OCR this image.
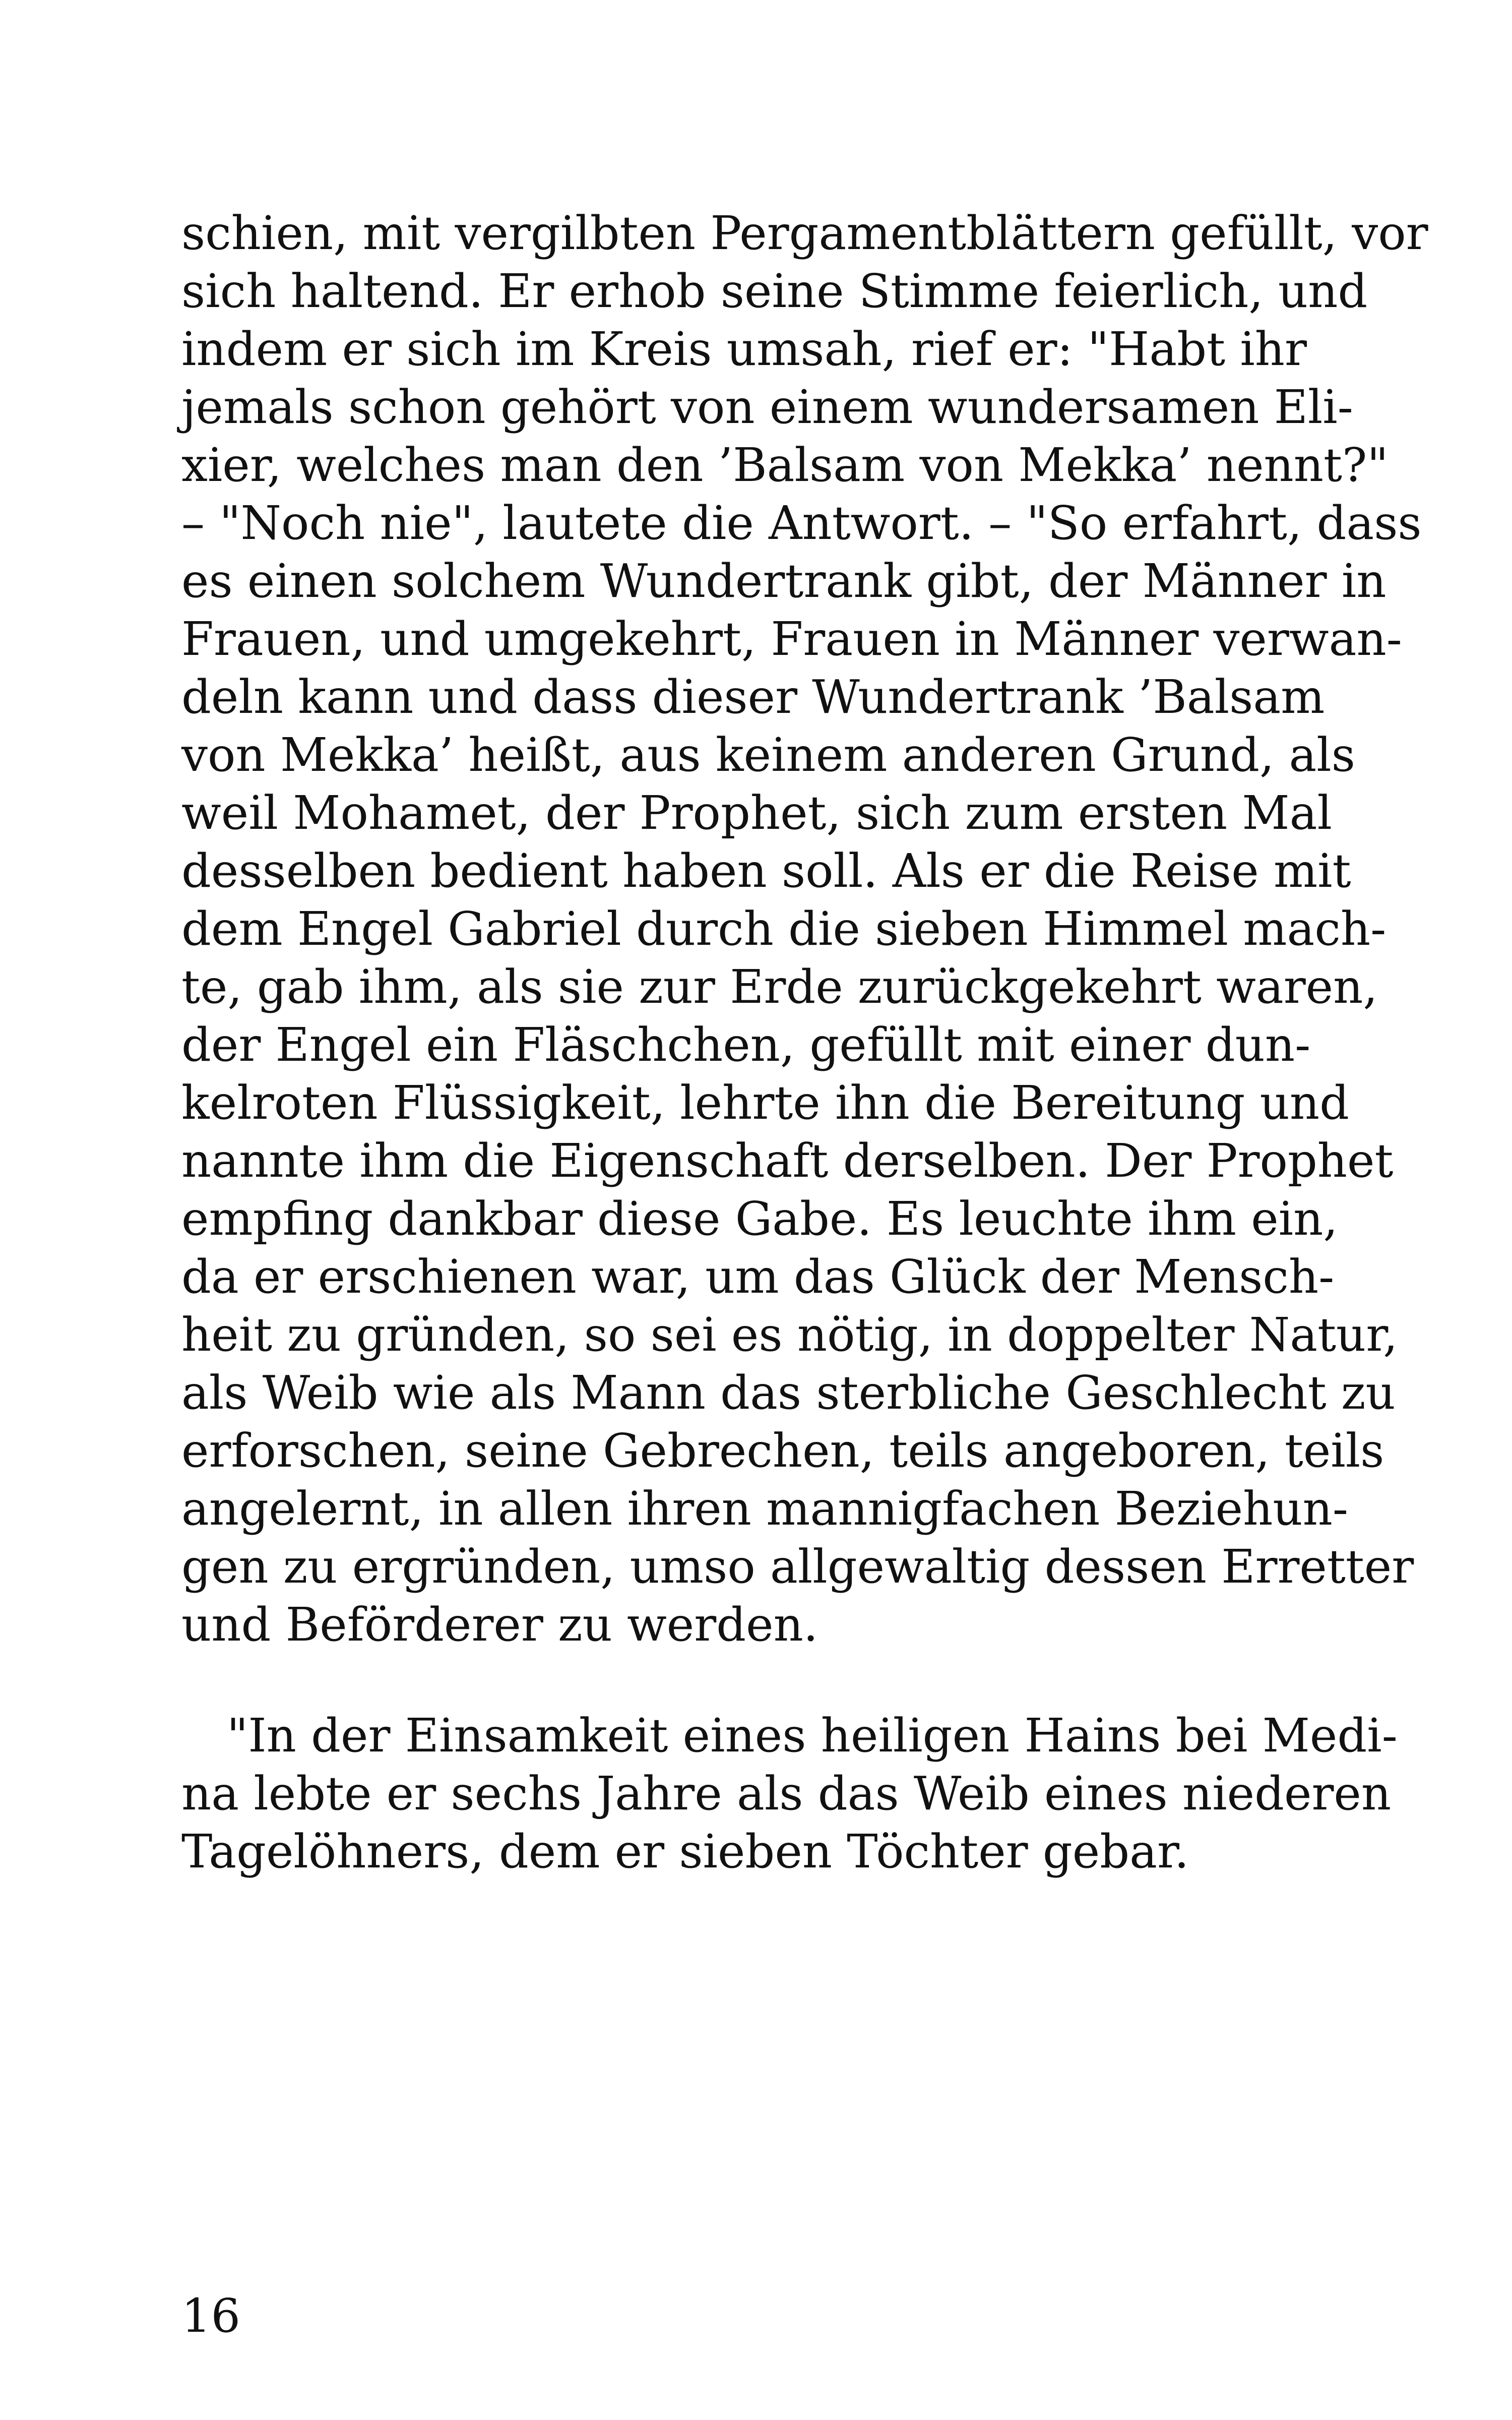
schien, mit vergilbten Pergamentblättern gefüllt, vor
sich haltend. Er erhob seine Stimme feierlich, und
indem er sich im Kreis umsah, rief er: "Habt ihr
jemals schon gehört von einem wundersamen Eli-
xier, welches man den ’Balsam von Mekka’ nennt?"
– "Noch nie", lautete die Antwort. – "So erfahrt, dass
es einen solchem Wundertrank gibt, der Männer in
Frauen, und umgekehrt, Frauen in Männer verwan-
deln kann und dass dieser Wundertrank ’Balsam
von Mekka’ heißt, aus keinem anderen Grund, als
weil Mohamet, der Prophet, sich zum ersten Mal
desselben bedient haben soll. Als er die Reise mit
dem Engel Gabriel durch die sieben Himmel mach-
te, gab ihm, als sie zur Erde zurückgekehrt waren,
der Engel ein Fläschchen, gefüllt mit einer dun-
kelroten Flüssigkeit, lehrte ihn die Bereitung und
nannte ihm die Eigenschaft derselben. Der Prophet
empfing dankbar diese Gabe. Es leuchte ihm ein,
da er erschienen war, um das Glück der Mensch-
heit zu gründen, so sei es nötig, in doppelter Natur,
als Weib wie als Mann das sterbliche Geschlecht zu
erforschen, seine Gebrechen, teils angeboren, teils
angelernt, in allen ihren mannigfachen Beziehun-
gen zu ergründen, umso allgewaltig dessen Erretter
und Beförderer zu werden.
"In der Einsamkeit eines heiligen Hains bei Medi-
na lebte er sechs Jahre als das Weib eines niederen
Tagelöhners, dem er sieben Töchter gebar.
16
